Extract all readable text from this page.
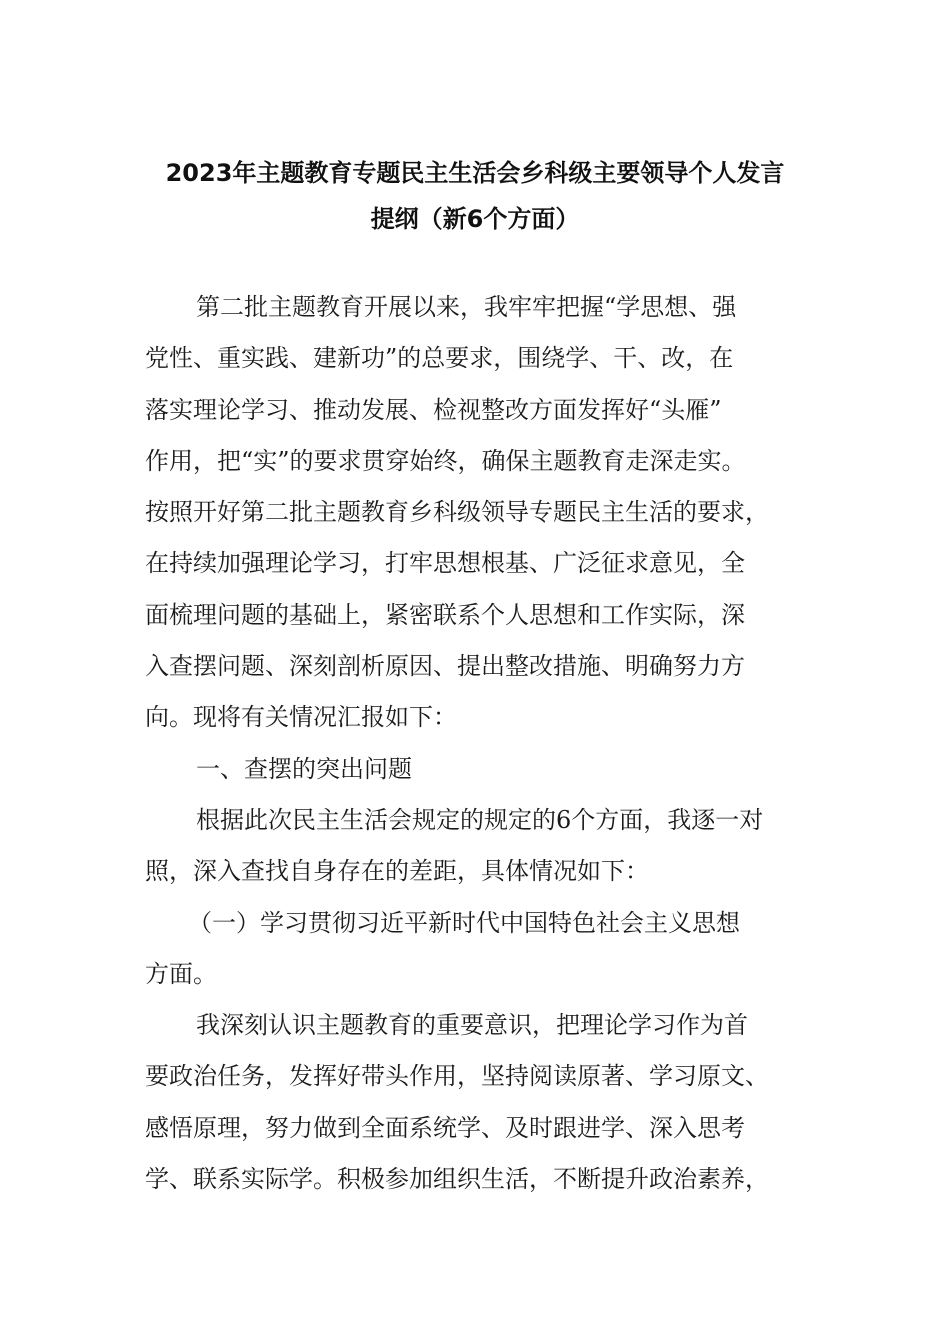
2023年主题教育专题民主生活会乡科级主要领导个人发言
提纲（新6个方面）
第二批主题教育开展以来，我牢牢把握“学思想、强
党性、重实践、建新功”的总要求，围绕学、干、改，在
落实理论学习、推动发展、检视整改方面发挥好“头雁”
作用，把“实”的要求贯穿始终，确保主题教育走深走实。
按照开好第二批主题教育乡科级领导专题民主生活的要求，
在持续加强理论学习，打牢思想根基、广泛征求意见，全
面梳理问题的基础上，紧密联系个人思想和工作实际，深
入查摆问题、深刻剖析原因、提出整改措施、明确努力方
向。现将有关情况汇报如下：
一、查摆的突出问题
根据此次民主生活会规定的规定的6个方面，我逐一对
照，深入查找自身存在的差距，具体情况如下：
（一）学习贯彻习近平新时代中国特色社会主义思想
方面。
我深刻认识主题教育的重要意识，把理论学习作为首
要政治任务，发挥好带头作用，坚持阅读原著、学习原文、
感悟原理，努力做到全面系统学、及时跟进学、深入思考
学、联系实际学。积极参加组织生活，不断提升政治素养，
